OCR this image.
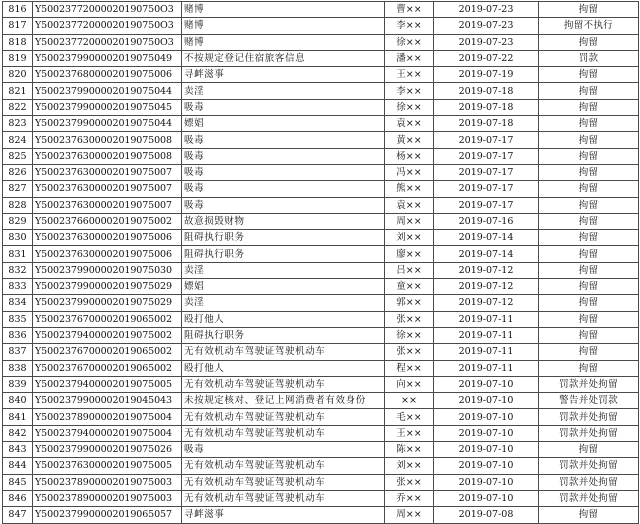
816	Y50023772000020190750O3	赌博	曹××	2019-07-23	拘留
817	Y50023772000020190750O3	赌博	李××	2019-07-23	拘留不执行
818	Y50023772000020190750O3	赌博	徐××	2019-07-23	拘留
819	Y5002379900002019075049	不按规定登记住宿旅客信息	潘××	2019-07-22	罚款
820	Y5002376800002019075006	寻衅滋事	王××	2019-07-19	拘留
821	Y5002379900002019075044	卖淫	李××	2019-07-18	拘留
822	Y5002379900002019075045	吸毒	徐××	2019-07-18	拘留
823	Y5002379900002019075044	嫖娼	袁××	2019-07-18	拘留
824	Y5002376300002019075008	吸毒	黄××	2019-07-17	拘留
825	Y5002376300002019075008	吸毒	杨××	2019-07-17	拘留
826	Y5002376300002019075007	吸毒	冯××	2019-07-17	拘留
827	Y5002376300002019075007	吸毒	熊××	2019-07-17	拘留
828	Y5002376300002019075007	吸毒	袁××	2019-07-17	拘留
829	Y5002376600002019075002	故意损毁财物	周××	2019-07-16	拘留
830	Y5002376300002019075006	阻碍执行职务	刘××	2019-07-14	拘留
831	Y5002376300002019075006	阻碍执行职务	廖××	2019-07-14	拘留
832	Y5002379900002019075030	卖淫	吕××	2019-07-12	拘留
833	Y5002379900002019075029	嫖娼	童××	2019-07-12	拘留
834	Y5002379900002019075029	卖淫	郭××	2019-07-12	拘留
835	Y5002376700002019065002	殴打他人	张××	2019-07-11	拘留
836	Y5002379400002019075002	阻碍执行职务	徐××	2019-07-11	拘留
837	Y5002376700002019065002	无有效机动车驾驶证驾驶机动车	张××	2019-07-11	拘留
838	Y5002376700002019065002	殴打他人	程××	2019-07-11	拘留
839	Y5002379400002019075005	无有效机动车驾驶证驾驶机动车	向××	2019-07-10	罚款并处拘留
840	Y5002379900002019045043	未按规定核对、登记上网消费者有效身份	××	2019-07-10	警告并处罚款
841	Y5002378900002019075004	无有效机动车驾驶证驾驶机动车	毛××	2019-07-10	罚款并处拘留
842	Y5002379400002019075004	无有效机动车驾驶证驾驶机动车	王××	2019-07-10	罚款并处拘留
843	Y5002379900002019075026	吸毒	陈××	2019-07-10	拘留
844	Y5002376300002019075005	无有效机动车驾驶证驾驶机动车	刘××	2019-07-10	罚款并处拘留
845	Y5002378900002019075003	无有效机动车驾驶证驾驶机动车	张××	2019-07-10	罚款并处拘留
846	Y5002378900002019075003	无有效机动车驾驶证驾驶机动车	乔××	2019-07-10	罚款并处拘留
847	Y5002379900002019065057	寻衅滋事	周××	2019-07-08	拘留
